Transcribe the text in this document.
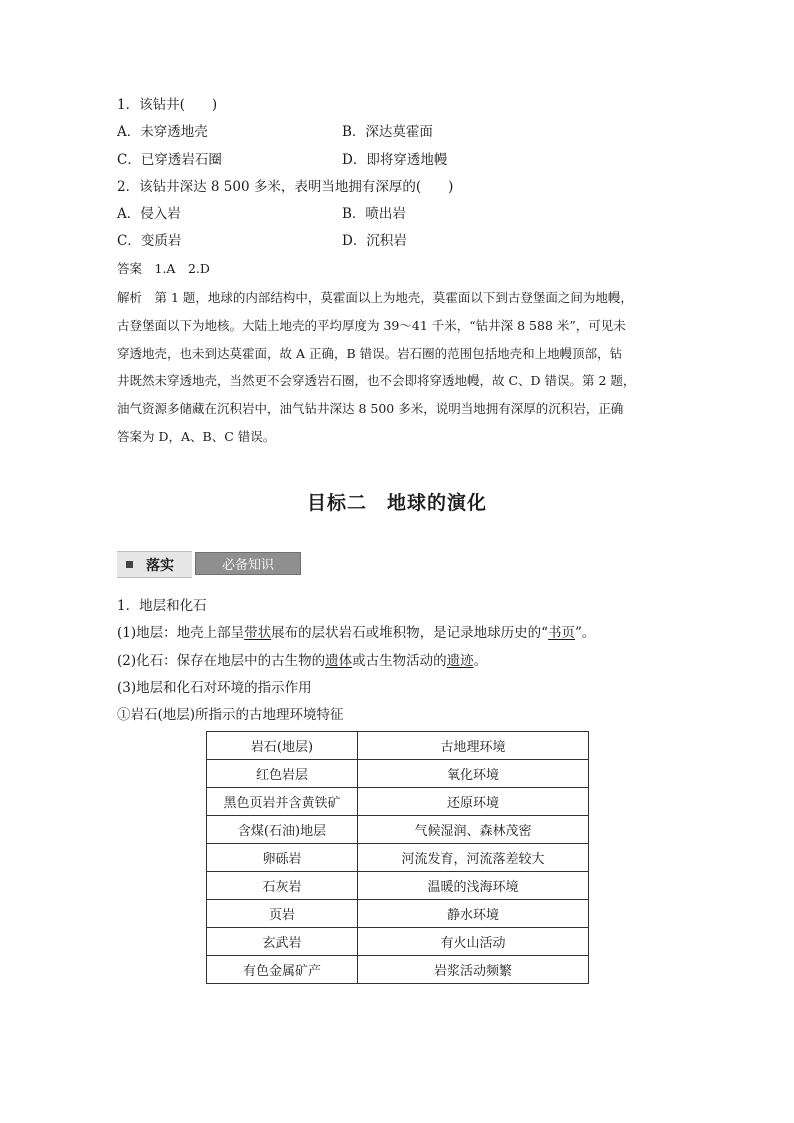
1．该钻井(　　)
A．未穿透地壳	B．深达莫霍面
C．已穿透岩石圈	D．即将穿透地幔
2．该钻井深达 8 500 多米，表明当地拥有深厚的(　　)
A．侵入岩	B．喷出岩
C．变质岩	D．沉积岩
答案　1.A　2.D
解析　第 1 题，地球的内部结构中，莫霍面以上为地壳，莫霍面以下到古登堡面之间为地幔，
古登堡面以下为地核。大陆上地壳的平均厚度为 39～41 千米，“钻井深 8 588 米”，可见未
穿透地壳，也未到达莫霍面，故 A 正确，B 错误。岩石圈的范围包括地壳和上地幔顶部，钻
井既然未穿透地壳，当然更不会穿透岩石圈，也不会即将穿透地幔，故 C、D 错误。第 2 题，
油气资源多储藏在沉积岩中，油气钻井深达 8 500 多米，说明当地拥有深厚的沉积岩，正确
答案为 D，A、B、C 错误。
目标二　地球的演化
落实	必备知识
1．地层和化石
(1)地层：地壳上部呈带状展布的层状岩石或堆积物，是记录地球历史的“书页”。
(2)化石：保存在地层中的古生物的遗体或古生物活动的遗迹。
(3)地层和化石对环境的指示作用
①岩石(地层)所指示的古地理环境特征
岩石(地层)	古地理环境
红色岩层	氧化环境
黑色页岩并含黄铁矿	还原环境
含煤(石油)地层	气候湿润、森林茂密
卵砾岩	河流发育，河流落差较大
石灰岩	温暖的浅海环境
页岩	静水环境
玄武岩	有火山活动
有色金属矿产	岩浆活动频繁
